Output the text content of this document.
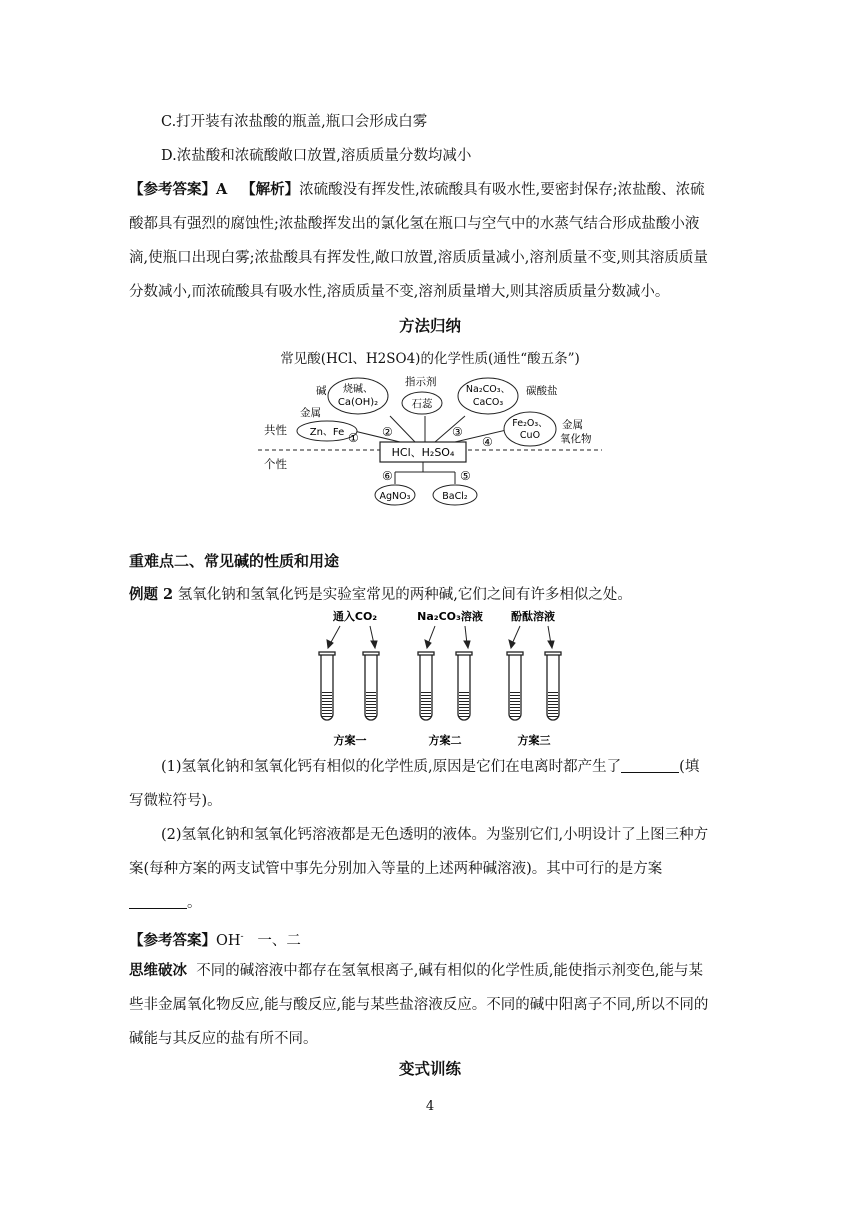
C.打开装有浓盐酸的瓶盖,瓶口会形成白雾
D.浓盐酸和浓硫酸敞口放置,溶质质量分数均减小
【参考答案】A 【解析】浓硫酸没有挥发性,浓硫酸具有吸水性,要密封保存;浓盐酸、浓硫
酸都具有强烈的腐蚀性;浓盐酸挥发出的氯化氢在瓶口与空气中的水蒸气结合形成盐酸小液
滴,使瓶口出现白雾;浓盐酸具有挥发性,敞口放置,溶质质量减小,溶剂质量不变,则其溶质质量
分数减小,而浓硫酸具有吸水性,溶质质量不变,溶剂质量增大,则其溶质质量分数减小。
方法归纳
常见酸(HCl、H2SO4)的化学性质(通性“酸五条”)
HCl、H₂SO₄
共性
个性
金属
Zn、Fe ①
碱 烧碱、
Ca(OH)₂
②
指示剂
石蕊
③
Na₂CO₃、
CaCO₃
碳酸盐
④
Fe₂O₃、
CuO
金属
氧化物
⑥
AgNO₃
⑤
BaCl₂
重难点二、常见碱的性质和用途
例题 2 氢氧化钠和氢氧化钙是实验室常见的两种碱,它们之间有许多相似之处。
通入CO₂	Na₂CO₃溶液	酚酞溶液
方案一	方案二	方案三
(1)氢氧化钠和氢氧化钙有相似的化学性质,原因是它们在电离时都产生了	(填
写微粒符号)。
(2)氢氧化钠和氢氧化钙溶液都是无色透明的液体。为鉴别它们,小明设计了上图三种方
案(每种方案的两支试管中事先分别加入等量的上述两种碱溶液)。其中可行的是方案
。
【参考答案】OH- 一、二
思维破冰 不同的碱溶液中都存在氢氧根离子,碱有相似的化学性质,能使指示剂变色,能与某
些非金属氧化物反应,能与酸反应,能与某些盐溶液反应。不同的碱中阳离子不同,所以不同的
碱能与其反应的盐有所不同。
变式训练
4
